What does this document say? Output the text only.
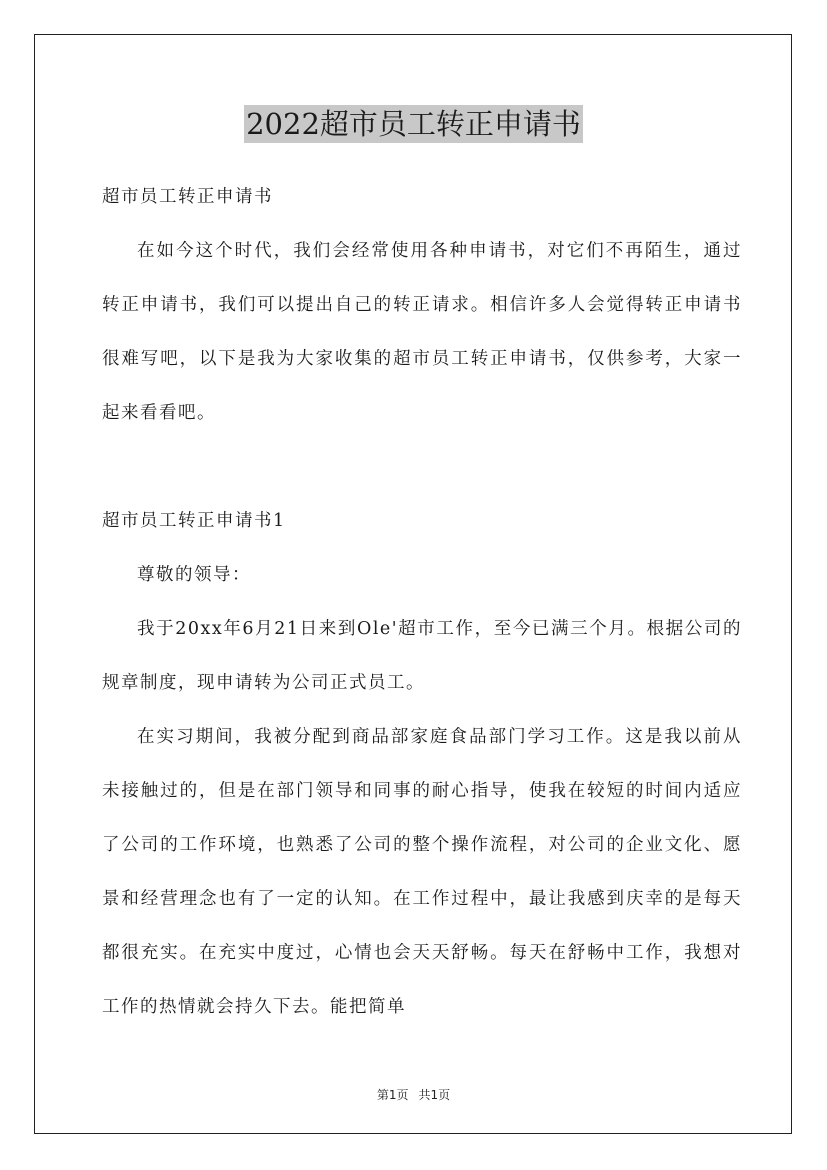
2022超市员工转正申请书

超市员工转正申请书

在如今这个时代，我们会经常使用各种申请书，对它们不再陌生，通过转正申请书，我们可以提出自己的转正请求。相信许多人会觉得转正申请书很难写吧，以下是我为大家收集的超市员工转正申请书，仅供参考，大家一起来看看吧。

超市员工转正申请书1

尊敬的领导：

我于20xx年6月21日来到Ole'超市工作，至今已满三个月。根据公司的规章制度，现申请转为公司正式员工。

在实习期间，我被分配到商品部家庭食品部门学习工作。这是我以前从未接触过的，但是在部门领导和同事的耐心指导，使我在较短的时间内适应了公司的工作环境，也熟悉了公司的整个操作流程，对公司的企业文化、愿景和经营理念也有了一定的认知。在工作过程中，最让我感到庆幸的是每天都很充实。在充实中度过，心情也会天天舒畅。每天在舒畅中工作，我想对工作的热情就会持久下去。能把简单

第1页 共1页
